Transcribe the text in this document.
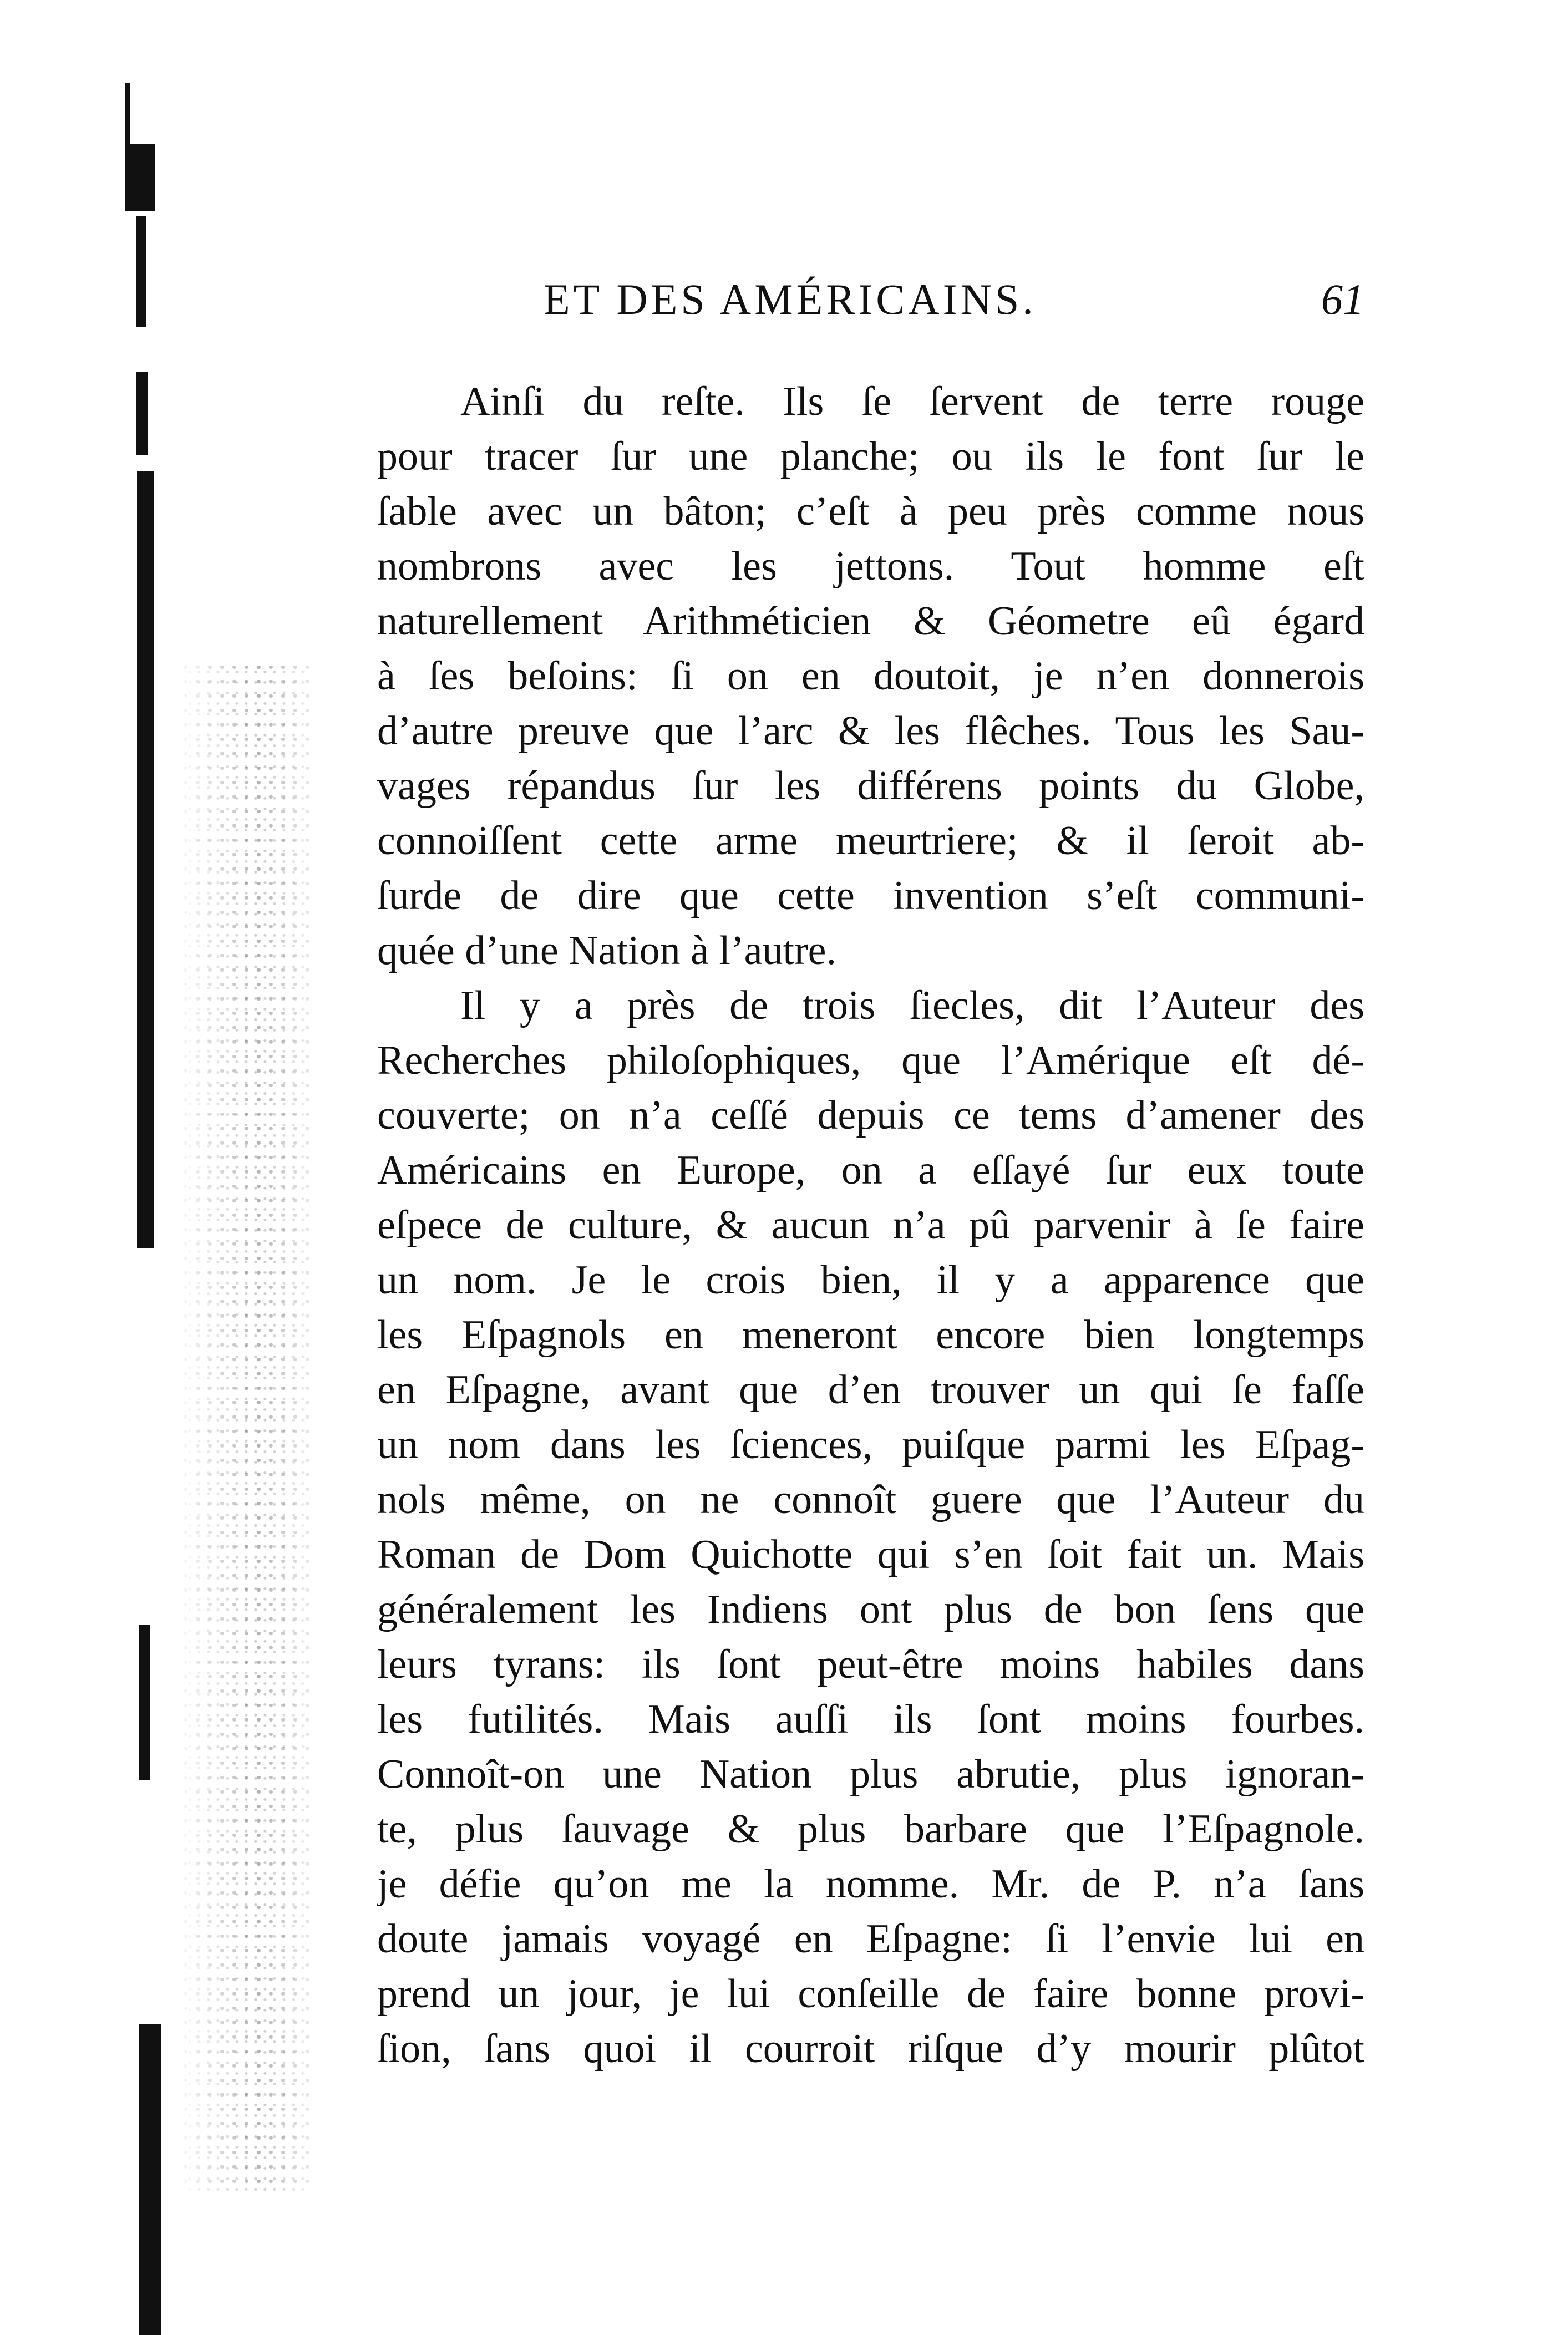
ET DES AMÉRICAINS.	61
Ainſi du reſte. Ils ſe ſervent de terre rouge
pour tracer ſur une planche; ou ils le font ſur le
ſable avec un bâton; c’eſt à peu près comme nous
nombrons avec les jettons. Tout homme eſt
naturellement Arithméticien & Géometre eû égard
à ſes beſoins: ſi on en doutoit, je n’en donnerois
d’autre preuve que l’arc & les flêches. Tous les Sau-
vages répandus ſur les différens points du Globe,
connoiſſent cette arme meurtriere; & il ſeroit ab-
ſurde de dire que cette invention s’eſt communi-
quée d’une Nation à l’autre.
Il y a près de trois ſiecles, dit l’Auteur des
Recherches philoſophiques, que l’Amérique eſt dé-
couverte; on n’a ceſſé depuis ce tems d’amener des
Américains en Europe, on a eſſayé ſur eux toute
eſpece de culture, & aucun n’a pû parvenir à ſe faire
un nom. Je le crois bien, il y a apparence que
les Eſpagnols en meneront encore bien longtemps
en Eſpagne, avant que d’en trouver un qui ſe faſſe
un nom dans les ſciences, puiſque parmi les Eſpag-
nols même, on ne connoît guere que l’Auteur du
Roman de Dom Quichotte qui s’en ſoit fait un. Mais
généralement les Indiens ont plus de bon ſens que
leurs tyrans: ils ſont peut-être moins habiles dans
les futilités. Mais auſſi ils ſont moins fourbes.
Connoît-on une Nation plus abrutie, plus ignoran-
te, plus ſauvage & plus barbare que l’Eſpagnole.
je défie qu’on me la nomme. Mr. de P. n’a ſans
doute jamais voyagé en Eſpagne: ſi l’envie lui en
prend un jour, je lui conſeille de faire bonne provi-
ſion, ſans quoi il courroit riſque d’y mourir plûtot
